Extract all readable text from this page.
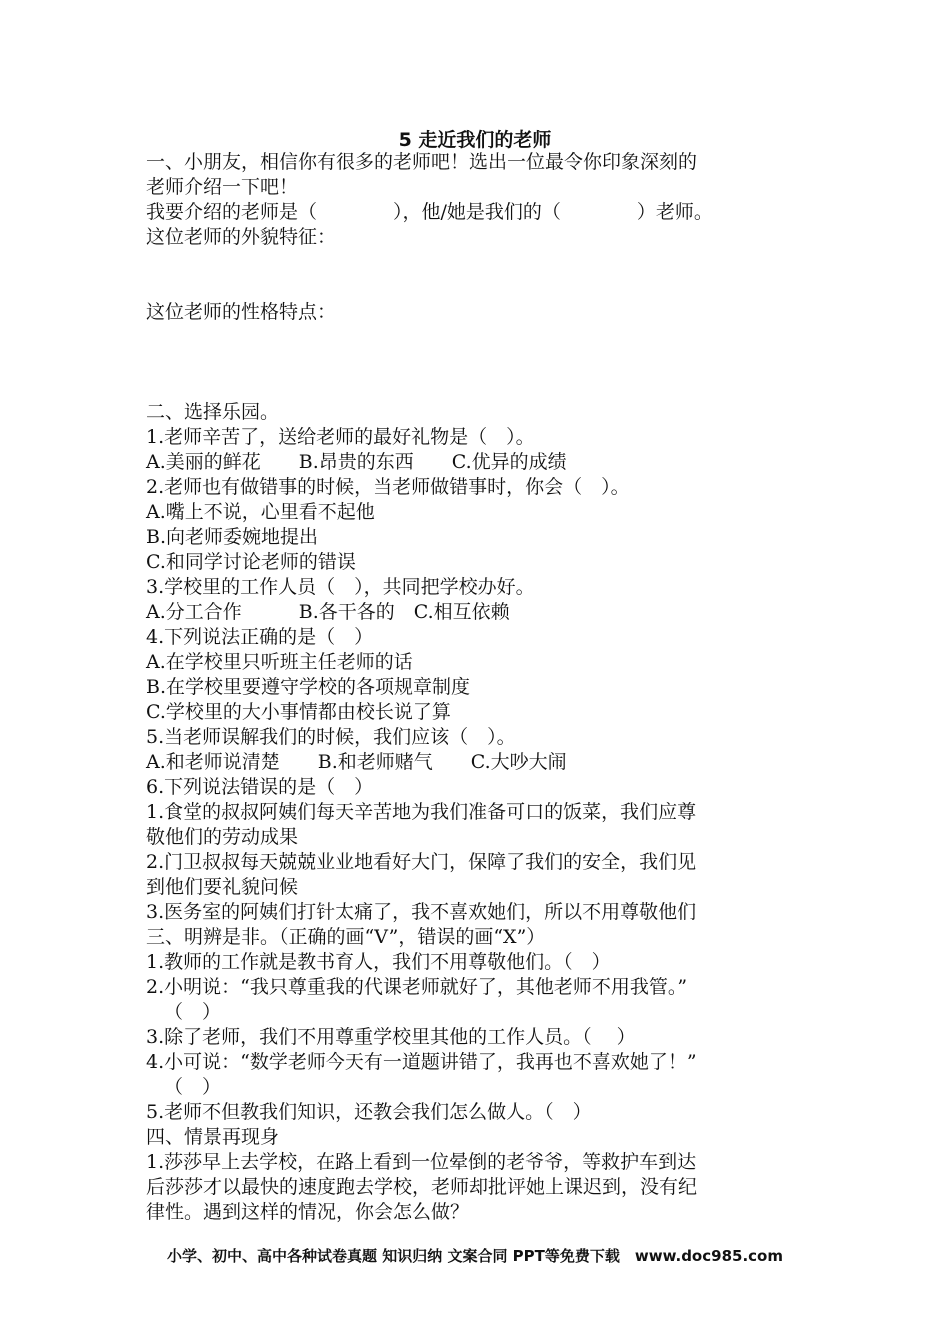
5 走近我们的老师

一、小朋友，相信你有很多的老师吧！选出一位最令你印象深刻的

老师介绍一下吧！

我要介绍的老师是（　　　　），他/她是我们的（　　　　）老师。

这位老师的外貌特征：

这位老师的性格特点：

二、选择乐园。

1.老师辛苦了，送给老师的最好礼物是（　）。

A.美丽的鲜花　　B.昂贵的东西　　C.优异的成绩

2.老师也有做错事的时候，当老师做错事时，你会（　）。

A.嘴上不说，心里看不起他

B.向老师委婉地提出

C.和同学讨论老师的错误

3.学校里的工作人员（　），共同把学校办好。

A.分工合作　　　B.各干各的　C.相互依赖

4.下列说法正确的是（　）

A.在学校里只听班主任老师的话

B.在学校里要遵守学校的各项规章制度

C.学校里的大小事情都由校长说了算

5.当老师误解我们的时候，我们应该（　）。

A.和老师说清楚　　B.和老师赌气　　C.大吵大闹

6.下列说法错误的是（　）

1.食堂的叔叔阿姨们每天辛苦地为我们准备可口的饭菜，我们应尊

敬他们的劳动成果

2.门卫叔叔每天兢兢业业地看好大门，保障了我们的安全，我们见

到他们要礼貌问候

3.医务室的阿姨们打针太痛了，我不喜欢她们，所以不用尊敬他们

三、明辨是非。（正确的画“V”，错误的画“X”）

1.教师的工作就是教书育人，我们不用尊敬他们。（　）

2.小明说：“我只尊重我的代课老师就好了，其他老师不用我管。”

（　）

3.除了老师，我们不用尊重学校里其他的工作人员。（　 ）

4.小可说：“数学老师今天有一道题讲错了，我再也不喜欢她了！”

（　）

5.老师不但教我们知识，还教会我们怎么做人。（　）

四、情景再现身

1.莎莎早上去学校，在路上看到一位晕倒的老爷爷，等救护车到达

后莎莎才以最快的速度跑去学校，老师却批评她上课迟到，没有纪

律性。遇到这样的情况，你会怎么做？

小学、初中、高中各种试卷真题 知识归纳 文案合同 PPT等免费下载　www.doc985.com
